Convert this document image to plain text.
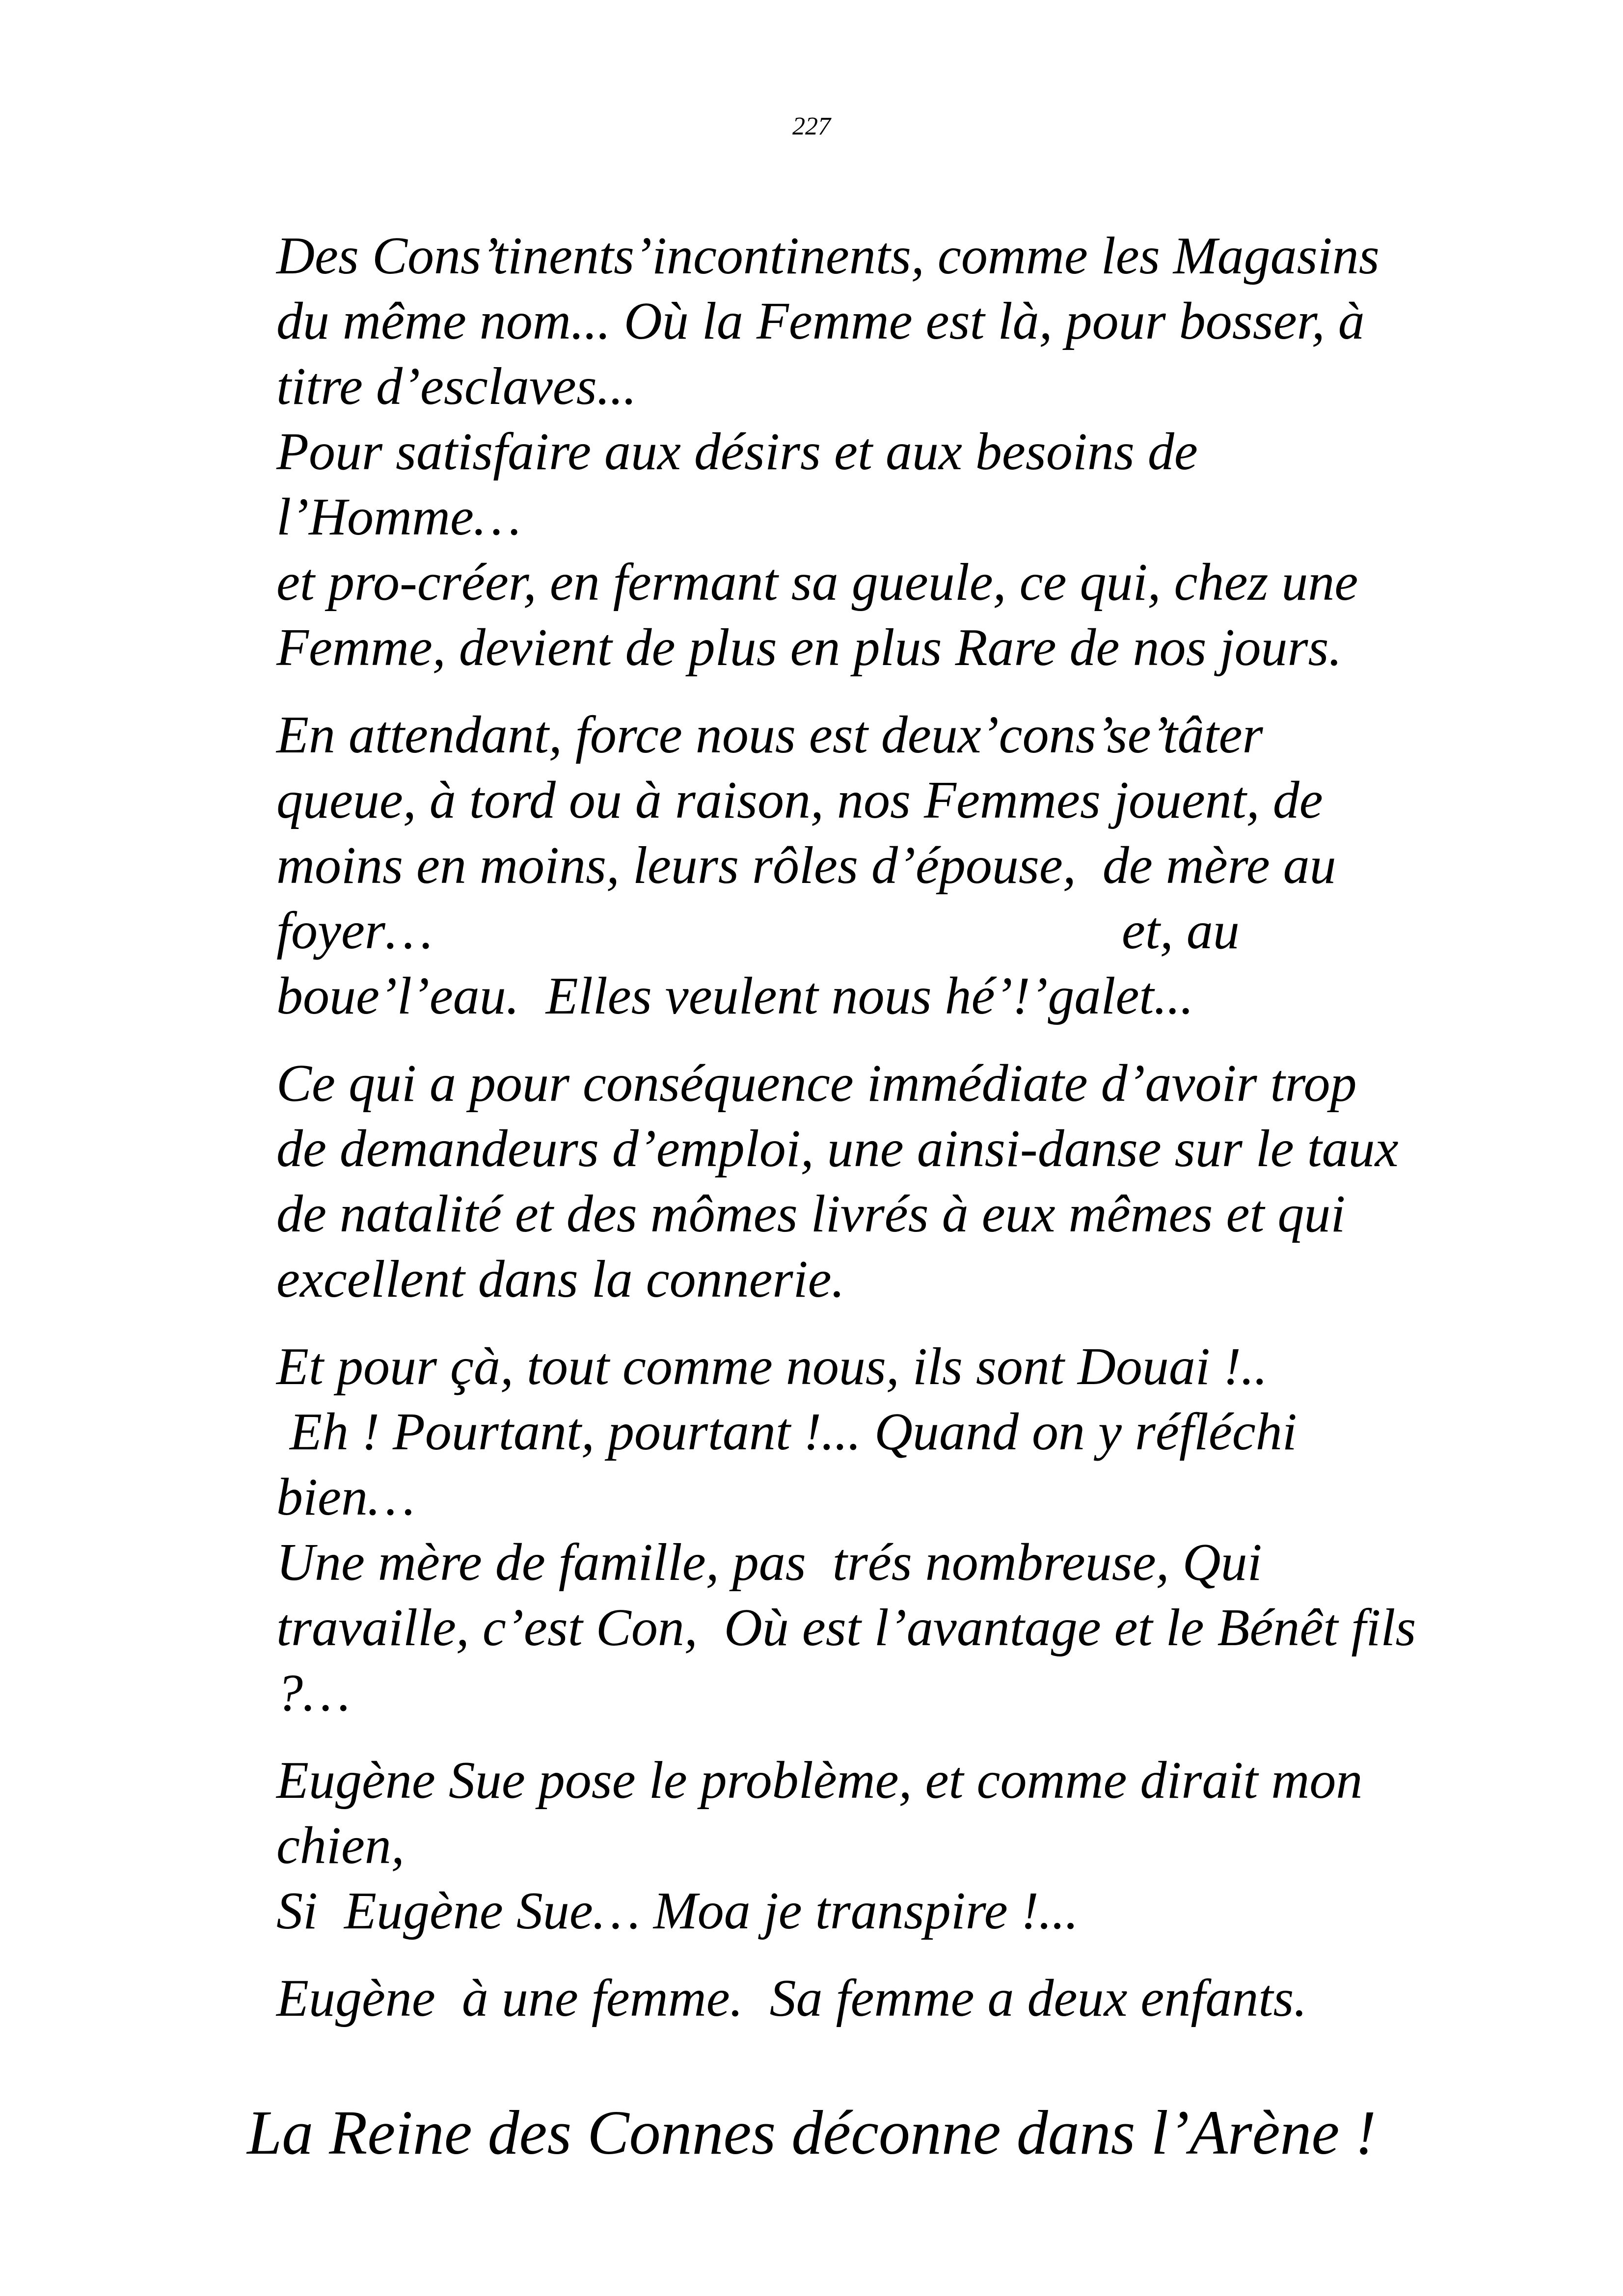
227
Des Cons’tinents’incontinents, comme les Magasins
du même nom... Où la Femme est là, pour bosser, à
titre d’esclaves...
Pour satisfaire aux désirs et aux besoins de
l’Homme…
et pro-créer, en fermant sa gueule, ce qui, chez une
Femme, devient de plus en plus Rare de nos jours.
En attendant, force nous est deux’cons’se’tâter
queue, à tord ou à raison, nos Femmes jouent, de
moins en moins, leurs rôles d’épouse,  de mère au
foyer…                                                    et, au
boue’l’eau.  Elles veulent nous hé’!’galet...
Ce qui a pour conséquence immédiate d’avoir trop
de demandeurs d’emploi, une ainsi-danse sur le taux
de natalité et des mômes livrés à eux mêmes et qui
excellent dans la connerie.
Et pour çà, tout comme nous, ils sont Douai !..
Eh ! Pourtant, pourtant !... Quand on y réfléchi
bien…
Une mère de famille, pas  trés nombreuse, Qui
travaille, c’est Con,  Où est l’avantage et le Bénêt fils
?…
Eugène Sue pose le problème, et comme dirait mon
chien,
Si  Eugène Sue… Moa je transpire !...
Eugène  à une femme.  Sa femme a deux enfants.
La Reine des Connes déconne dans l’Arène !
